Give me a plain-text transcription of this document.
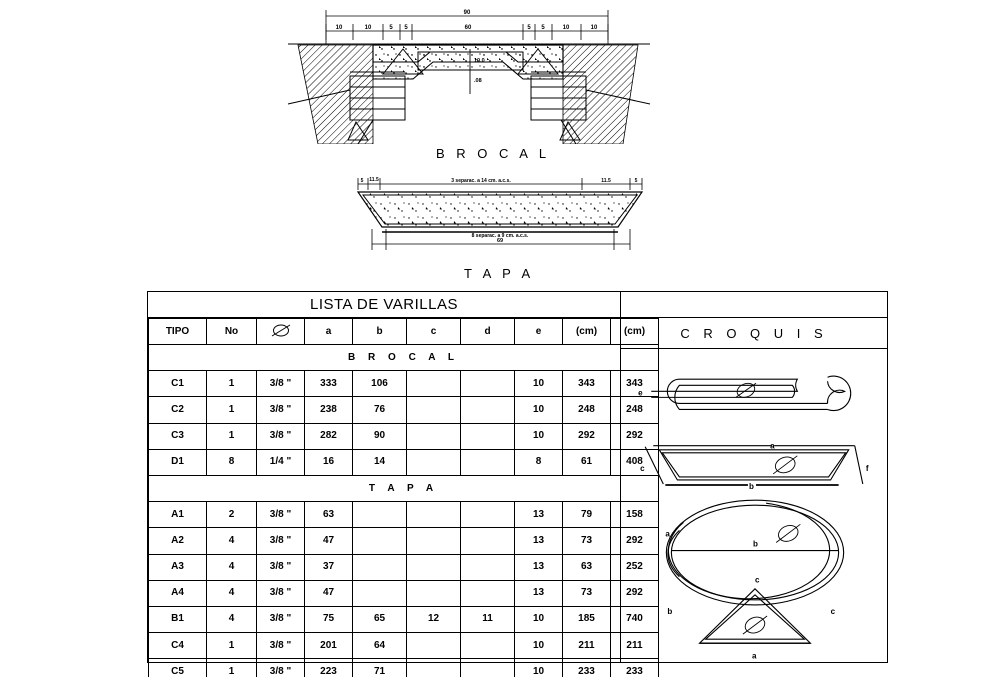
90
10	10	5 5	60	5 5	10	10
10.0
.08
B R O C A L
5 11.5	3 separac. a 14 cm. a.c.s.	11.5	5
8 separac. a 9 cm. a.c.s.
69
T A P A
LISTA DE VARILLAS
TIPO	No		a	b	c	d	e	(cm)	(cm)
B R O C A L									
C1	1	3/8 "	333	106			10	343	343
C2	1	3/8 "	238	76			10	248	248
C3	1	3/8 "	282	90			10	292	292
D1	8	1/4 "	16	14			8	61	408
T A P A									
A1	2	3/8 "	63				13	79	158
A2	4	3/8 "	47				13	73	292
A3	4	3/8 "	37				13	63	252
A4	4	3/8 "	47				13	73	292
B1	4	3/8 "	75	65	12	11	10	185	740
C4	1	3/8 "	201	64			10	211	211
C5	1	3/8 "	223	71			10	233	233
C R O Q U I S
e
a
b
c	f
a
b
c
b	c
a
